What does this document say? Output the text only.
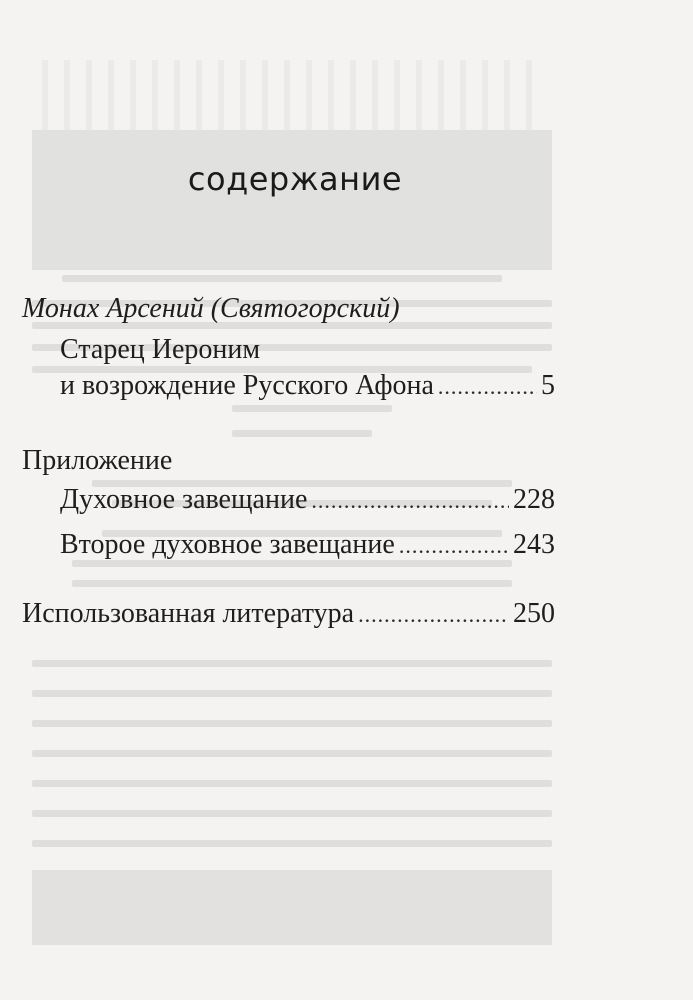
содержание
Монах Арсений (Святогорский)
Старец Иероним
и возрождение Русского Афона .....	5
Приложение
Духовное завещание .....	228
Второе духовное завещание .....	243
Использованная литература .....	250
